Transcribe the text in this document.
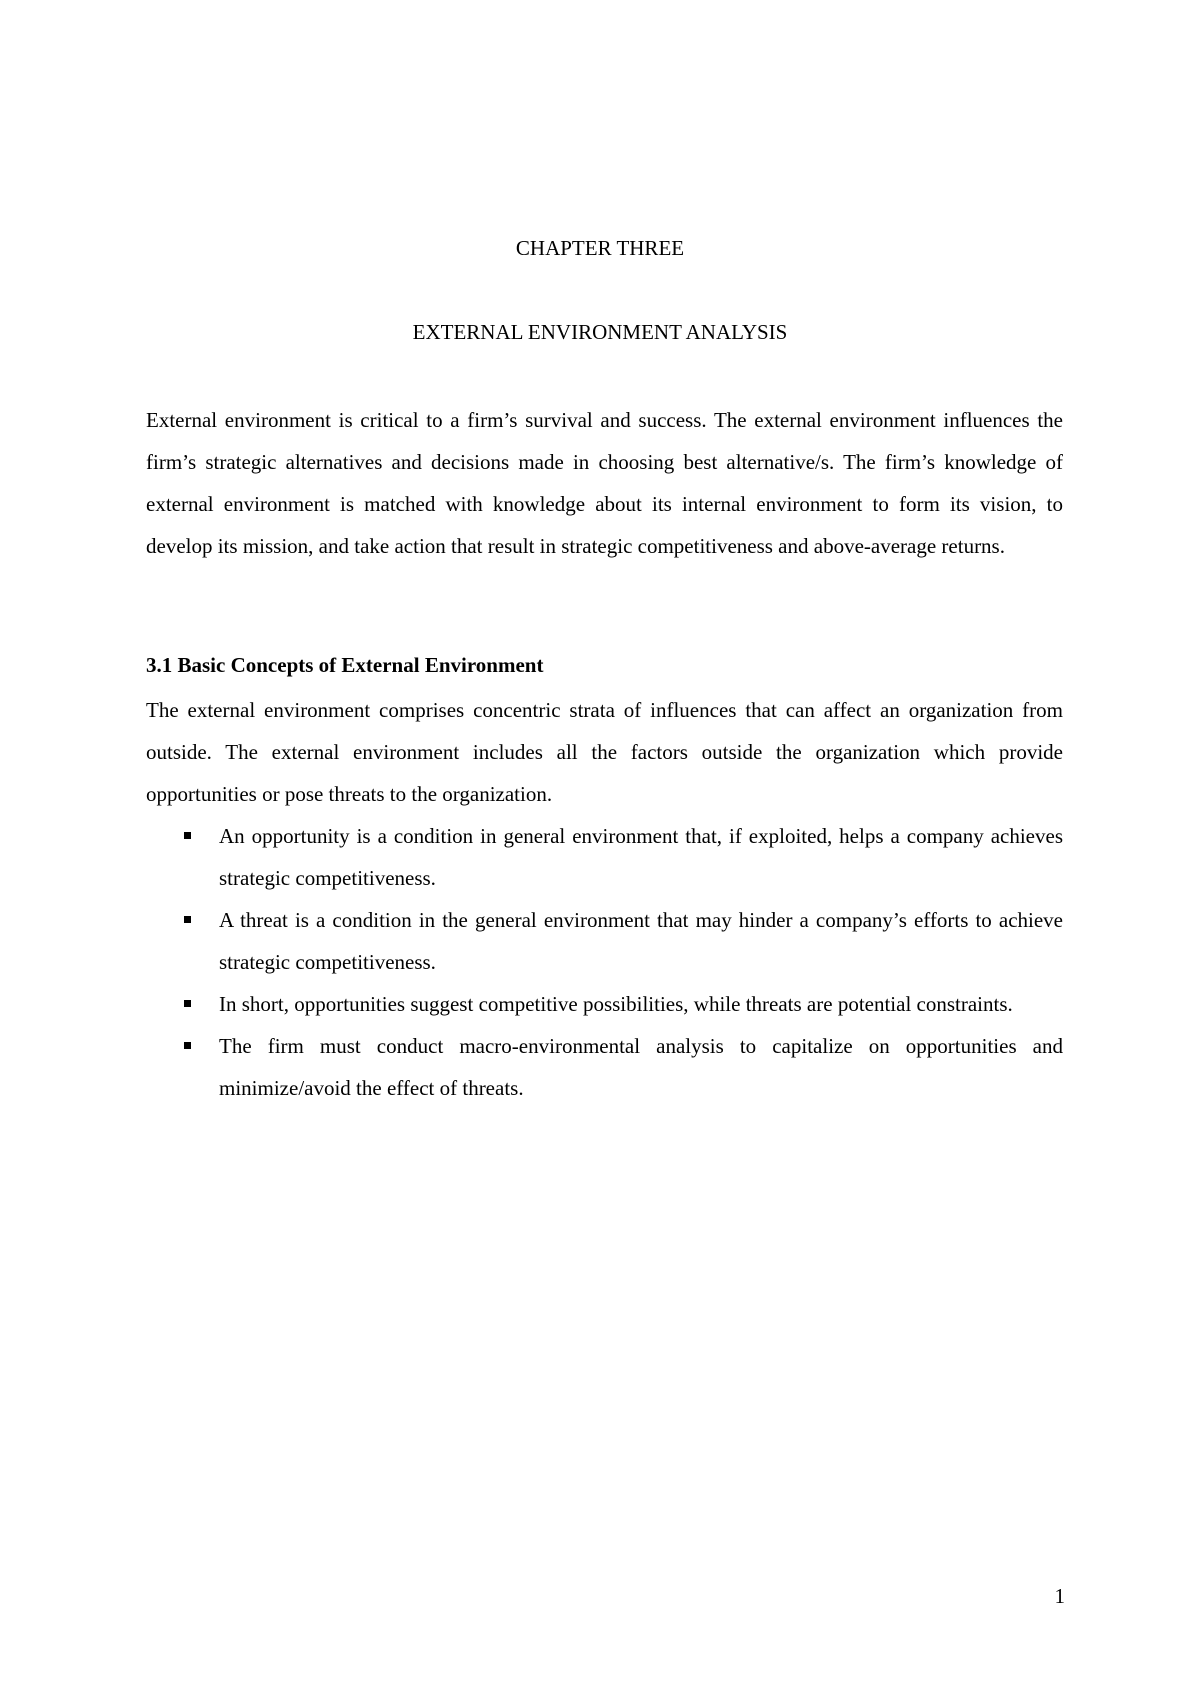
CHAPTER THREE
EXTERNAL ENVIRONMENT ANALYSIS

External environment is critical to a firm’s survival and success. The external environment influences the firm’s strategic alternatives and decisions made in choosing best alternative/s. The firm’s knowledge of external environment is matched with knowledge about its internal environment to form its vision, to develop its mission, and take action that result in strategic competitiveness and above-average returns.

3.1 Basic Concepts of External Environment

The external environment comprises concentric strata of influences that can affect an organization from outside. The external environment includes all the factors outside the organization which provide opportunities or pose threats to the organization.

An opportunity is a condition in general environment that, if exploited, helps a company achieves strategic competitiveness.
A threat is a condition in the general environment that may hinder a company’s efforts to achieve strategic competitiveness.
In short, opportunities suggest competitive possibilities, while threats are potential constraints.
The firm must conduct macro-environmental analysis to capitalize on opportunities and minimize/avoid the effect of threats.
1
